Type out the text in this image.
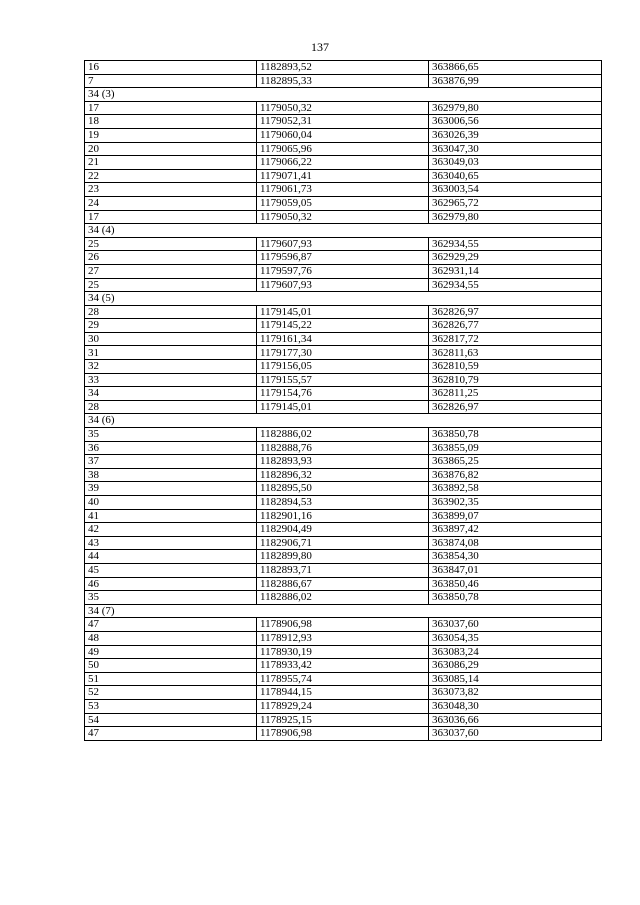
137
16	1182893,52	363866,65
7	1182895,33	363876,99
34 (3)		
17	1179050,32	362979,80
18	1179052,31	363006,56
19	1179060,04	363026,39
20	1179065,96	363047,30
21	1179066,22	363049,03
22	1179071,41	363040,65
23	1179061,73	363003,54
24	1179059,05	362965,72
17	1179050,32	362979,80
34 (4)		
25	1179607,93	362934,55
26	1179596,87	362929,29
27	1179597,76	362931,14
25	1179607,93	362934,55
34 (5)		
28	1179145,01	362826,97
29	1179145,22	362826,77
30	1179161,34	362817,72
31	1179177,30	362811,63
32	1179156,05	362810,59
33	1179155,57	362810,79
34	1179154,76	362811,25
28	1179145,01	362826,97
34 (6)		
35	1182886,02	363850,78
36	1182888,76	363855,09
37	1182893,93	363865,25
38	1182896,32	363876,82
39	1182895,50	363892,58
40	1182894,53	363902,35
41	1182901,16	363899,07
42	1182904,49	363897,42
43	1182906,71	363874,08
44	1182899,80	363854,30
45	1182893,71	363847,01
46	1182886,67	363850,46
35	1182886,02	363850,78
34 (7)		
47	1178906,98	363037,60
48	1178912,93	363054,35
49	1178930,19	363083,24
50	1178933,42	363086,29
51	1178955,74	363085,14
52	1178944,15	363073,82
53	1178929,24	363048,30
54	1178925,15	363036,66
47	1178906,98	363037,60
